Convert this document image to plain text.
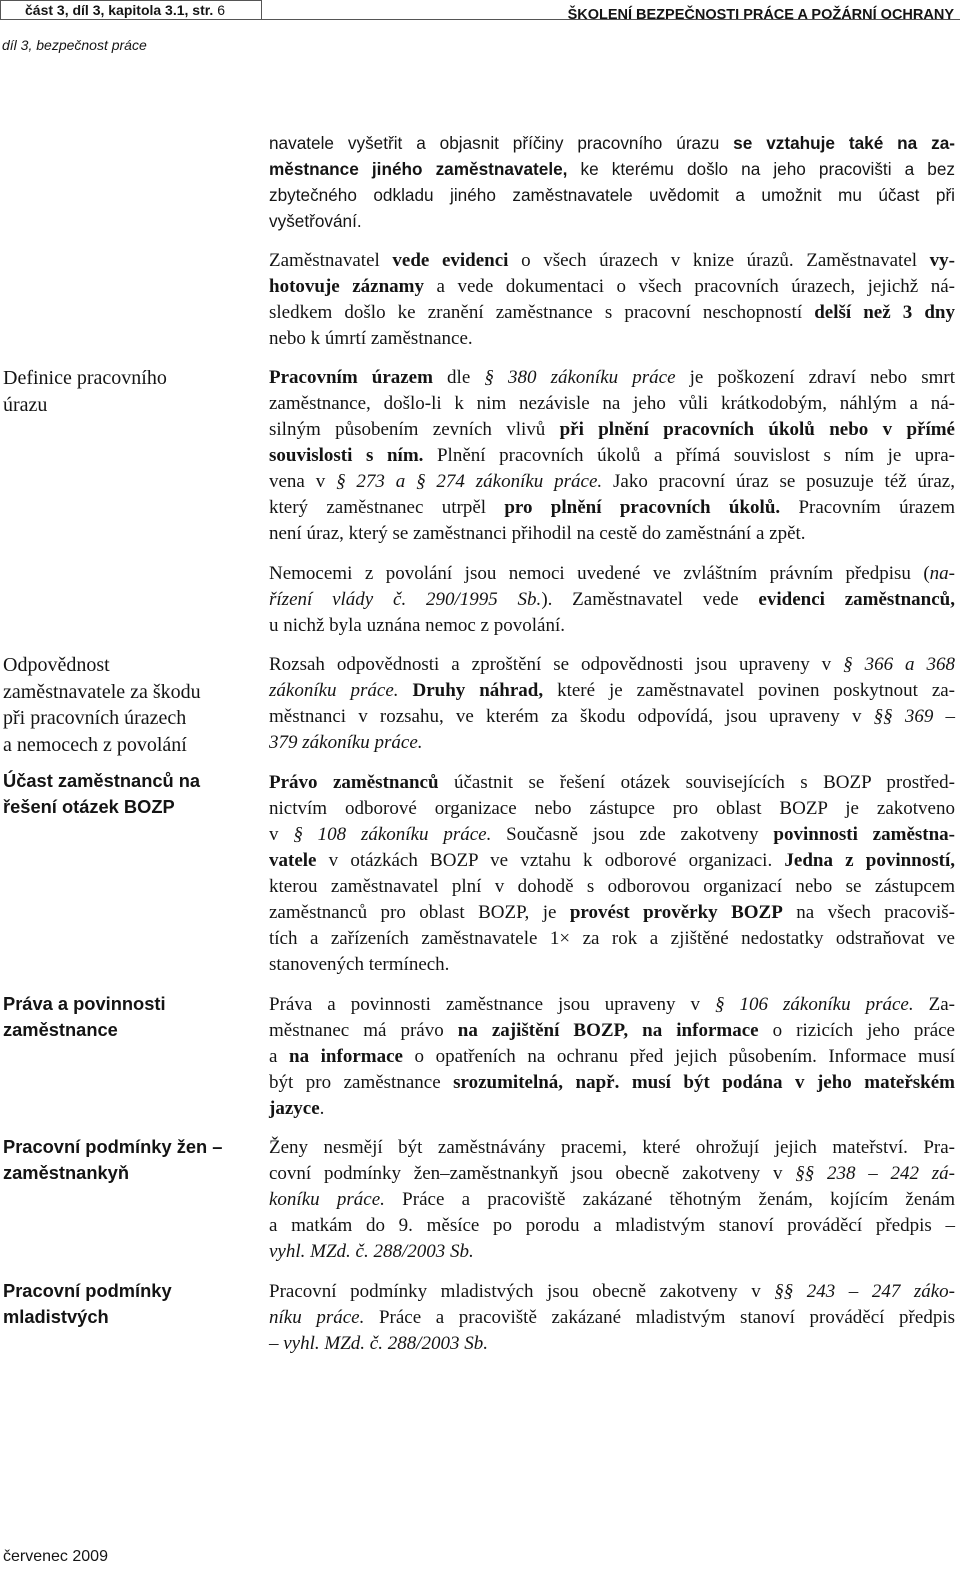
část 3, díl 3, kapitola 3.1, str. 6	ŠKOLENÍ BEZPEČNOSTI PRÁCE A POŽÁRNÍ OCHRANY
díl 3, bezpečnost práce
Definice pracovního
úrazu
Odpovědnost
zaměstnavatele za škodu
při pracovních úrazech
a nemocech z povolání
Účast zaměstnanců na
řešení otázek BOZP
Práva a povinnosti
zaměstnance
Pracovní podmínky žen –
zaměstnankyň
Pracovní podmínky
mladistvých
navatele vyšetřit a objasnit příčiny pracovního úrazu se vztahuje také na za-
městnance jiného zaměstnavatele, ke kterému došlo na jeho pracovišti a bez
zbytečného odkladu jiného zaměstnavatele uvědomit a umožnit mu účast při
vyšetřování.
Zaměstnavatel vede evidenci o všech úrazech v knize úrazů. Zaměstnavatel vy-
hotovuje záznamy a vede dokumentaci o všech pracovních úrazech, jejichž ná-
sledkem došlo ke zranění zaměstnance s pracovní neschopností delší než 3 dny
nebo k úmrtí zaměstnance.
Pracovním úrazem dle § 380 zákoníku práce je poškození zdraví nebo smrt
zaměstnance, došlo-li k nim nezávisle na jeho vůli krátkodobým, náhlým a ná-
silným působením zevních vlivů při plnění pracovních úkolů nebo v přímé
souvislosti s ním. Plnění pracovních úkolů a přímá souvislost s ním je upra-
vena v § 273 a § 274 zákoníku práce. Jako pracovní úraz se posuzuje též úraz,
který zaměstnanec utrpěl pro plnění pracovních úkolů. Pracovním úrazem
není úraz, který se zaměstnanci přihodil na cestě do zaměstnání a zpět.
Nemocemi z povolání jsou nemoci uvedené ve zvláštním právním předpisu (na-
řízení vlády č. 290/1995 Sb.). Zaměstnavatel vede evidenci zaměstnanců,
u nichž byla uznána nemoc z povolání.
Rozsah odpovědnosti a zproštění se odpovědnosti jsou upraveny v § 366 a 368
zákoníku práce. Druhy náhrad, které je zaměstnavatel povinen poskytnout za-
městnanci v rozsahu, ve kterém za škodu odpovídá, jsou upraveny v §§ 369 –
379 zákoníku práce.
Právo zaměstnanců účastnit se řešení otázek souvisejících s BOZP prostřed-
nictvím odborové organizace nebo zástupce pro oblast BOZP je zakotveno
v § 108 zákoníku práce. Současně jsou zde zakotveny povinnosti zaměstna-
vatele v otázkách BOZP ve vztahu k odborové organizaci. Jedna z povinností,
kterou zaměstnavatel plní v dohodě s odborovou organizací nebo se zástupcem
zaměstnanců pro oblast BOZP, je provést prověrky BOZP na všech pracoviš-
tích a zařízeních zaměstnavatele 1× za rok a zjištěné nedostatky odstraňovat ve
stanovených termínech.
Práva a povinnosti zaměstnance jsou upraveny v § 106 zákoníku práce. Za-
městnanec má právo na zajištění BOZP, na informace o rizicích jeho práce
a na informace o opatřeních na ochranu před jejich působením. Informace musí
být pro zaměstnance srozumitelná, např. musí být podána v jeho mateřském
jazyce.
Ženy nesmějí být zaměstnávány pracemi, které ohrožují jejich mateřství. Pra-
covní podmínky žen–zaměstnankyň jsou obecně zakotveny v §§ 238 – 242 zá-
koníku práce. Práce a pracoviště zakázané těhotným ženám, kojícím ženám
a matkám do 9. měsíce po porodu a mladistvým stanoví prováděcí předpis –
vyhl. MZd. č. 288/2003 Sb.
Pracovní podmínky mladistvých jsou obecně zakotveny v §§ 243 – 247 záko-
níku práce. Práce a pracoviště zakázané mladistvým stanoví prováděcí předpis
– vyhl. MZd. č. 288/2003 Sb.
červenec 2009
